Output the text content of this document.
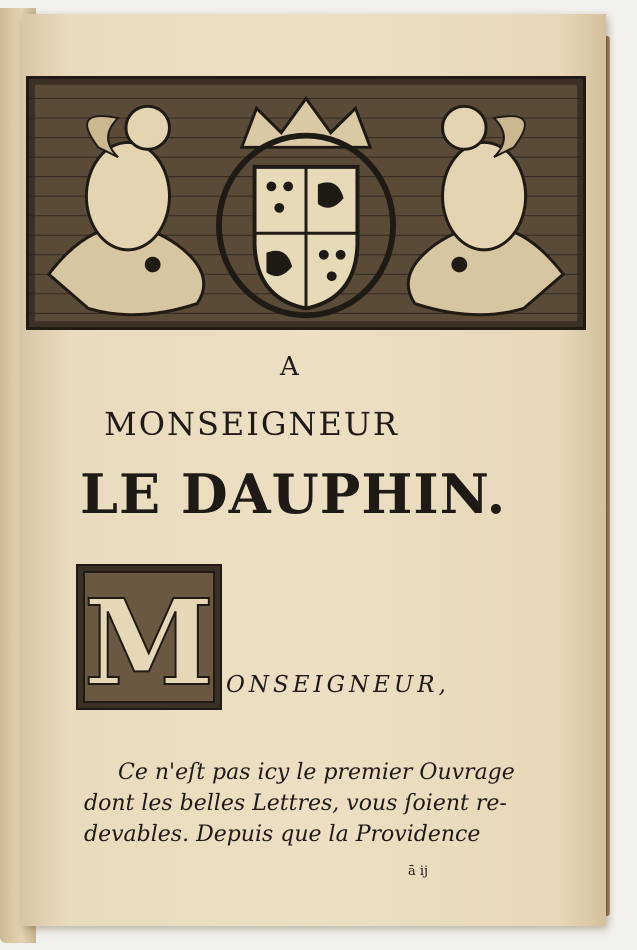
A
MONSEIGNEUR
LE DAUPHIN.
M ONSEIGNEUR,
Ce n'eſt pas icy le premier Ouvrage
dont les belles Lettres, vous ſoient re-
devables. Depuis que la Providence
ā ij
